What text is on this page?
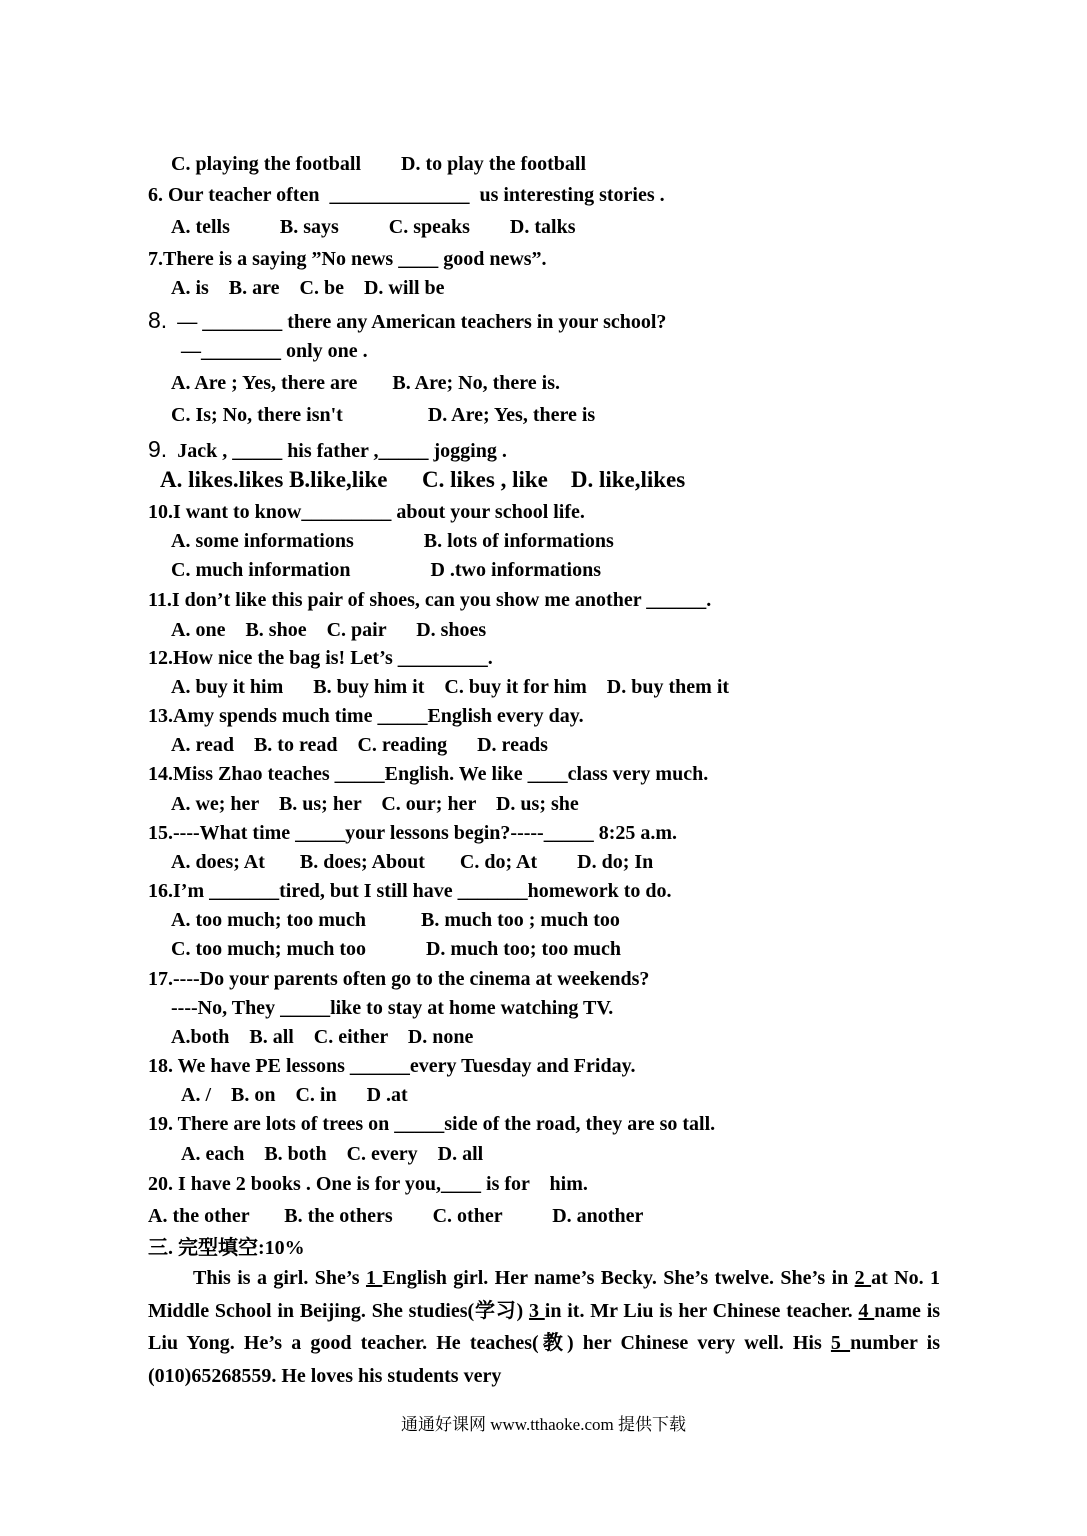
C. playing the football        D. to play the football
6. Our teacher often  ______________  us interesting stories .
A. tells          B. says          C. speaks        D. talks
7.There is a saying ”No news ____ good news”.
A. is    B. are    C. be    D. will be
8.  — ________ there any American teachers in your school?
—________ only one .
A. Are ; Yes, there are       B. Are; No, there is.
C. Is; No, there isn't                 D. Are; Yes, there is
9.  Jack , _____ his father ,_____ jogging .
A. likes.likes B.like,like      C. likes , like    D. like,likes
10.I want to know_________ about your school life.
A. some informations              B. lots of informations
C. much information                D .two informations
11.I don’t like this pair of shoes, can you show me another ______.
A. one    B. shoe    C. pair      D. shoes
12.How nice the bag is! Let’s _________.
A. buy it him      B. buy him it    C. buy it for him    D. buy them it
13.Amy spends much time _____English every day.
A. read    B. to read    C. reading      D. reads
14.Miss Zhao teaches _____English. We like ____class very much.
A. we; her    B. us; her    C. our; her    D. us; she
15.----What time _____your lessons begin?-----_____ 8:25 a.m.
A. does; At       B. does; About       C. do; At        D. do; In
16.I’m _______tired, but I still have _______homework to do.
A. too much; too much           B. much too ; much too
C. too much; much too            D. much too; too much
17.----Do your parents often go to the cinema at weekends?
----No, They _____like to stay at home watching TV.
A.both    B. all    C. either    D. none
18. We have PE lessons ______every Tuesday and Friday.
A. /    B. on    C. in      D .at
19. There are lots of trees on _____side of the road, they are so tall.
A. each    B. both    C. every    D. all
20. I have 2 books . One is for you,____ is for    him.
A. the other       B. the others        C. other          D. another
三. 完型填空:10%
This is a girl. She’s 1 English girl. Her name’s Becky. She’s twelve. She’s in 2 at No. 1 Middle School in Beijing. She studies(学习) 3 in it. Mr Liu is her Chinese teacher. 4 name is Liu Yong. He’s a good teacher. He teaches(教) her Chinese very well. His 5 number is (010)65268559. He loves his students very
通通好课网 www.tthaoke.com 提供下载
